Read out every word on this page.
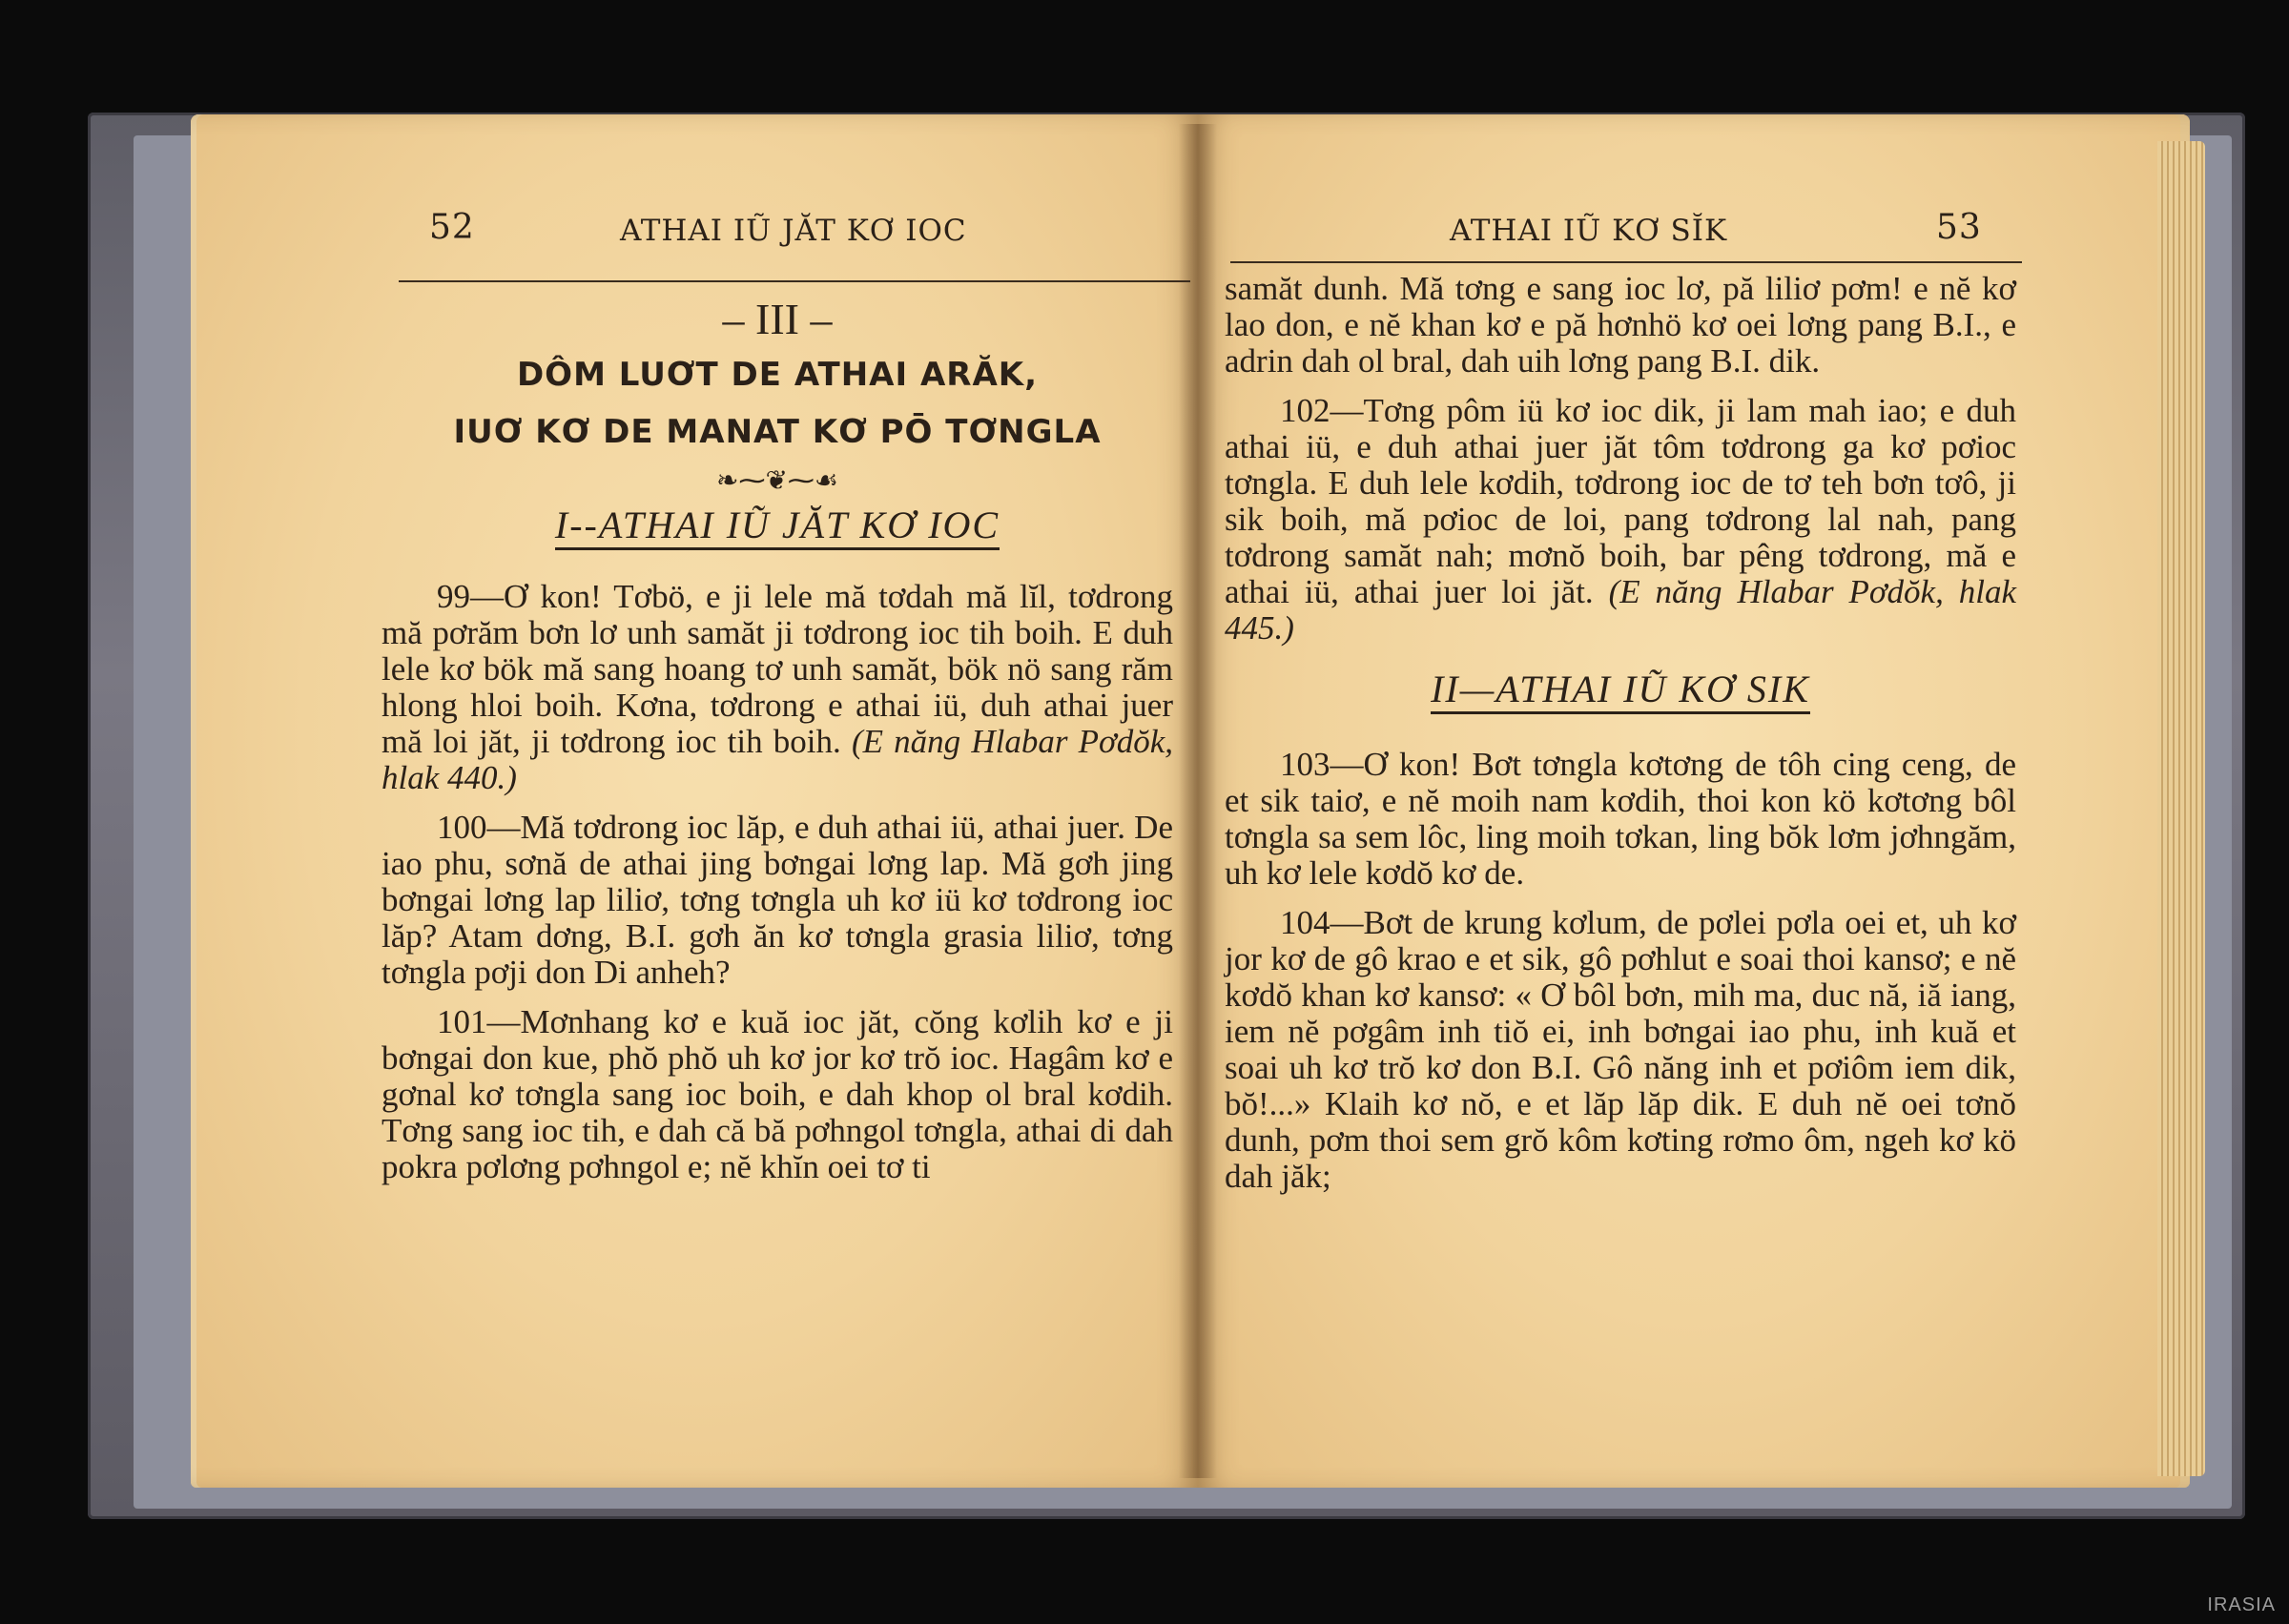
52	ATHAI IŨ JĂT KƠ IOC
– III –
DÔM LUƠT DE ATHAI ARĂK,
IUƠ KƠ DE MANAT KƠ PŌ TƠNGLA
❧⁓❦⁓☙
I--ATHAI IŨ JĂT KƠ IOC

99—Ơ kon! Tơbö, e ji lele mă tơdah mă lĭl, tơdrong mă pơrăm bơn lơ unh samăt ji tơdrong ioc tih boih. E duh lele kơ bök mă sang hoang tơ unh samăt, bök nö sang răm hlong hloi boih. Kơna, tơdrong e athai iü, duh athai juer mă loi jăt, ji tơdrong ioc tih boih. (E năng Hlabar Pơdŏk, hlak 440.)

100—Mă tơdrong ioc lăp, e duh athai iü, athai juer. De iao phu, sơnă de athai jing bơngai lơng lap. Mă gơh jing bơngai lơng lap liliơ, tơng tơngla uh kơ iü kơ tơdrong ioc lăp? Atam dơng, B.I. gơh ăn kơ tơngla grasia liliơ, tơng tơngla pơji don Di anheh?

101—Mơnhang kơ e kuă ioc jăt, cŏng kơlih kơ e ji bơngai don kue, phŏ phŏ uh kơ jor kơ trŏ ioc. Hagâm kơ e gơnal kơ tơngla sang ioc boih, e dah khop ol bral kơdih. Tơng sang ioc tih, e dah că bă pơhngol tơngla, athai di dah pokra pơlơng pơhngol e; nĕ khĭn oei tơ ti

ATHAI IŨ KƠ SĬK	53

samăt dunh. Mă tơng e sang ioc lơ, pă liliơ pơm! e nĕ kơ lao don, e nĕ khan kơ e pă hơnhö kơ oei lơng pang B.I., e adrin dah ol bral, dah uih lơng pang B.I. dik.

102—Tơng pôm iü kơ ioc dik, ji lam mah iao; e duh athai iü, e duh athai juer jăt tôm tơdrong ga kơ pơioc tơngla. E duh lele kơdih, tơdrong ioc de tơ teh bơn tơô, ji sik boih, mă pơioc de loi, pang tơdrong lal nah, pang tơdrong samăt nah; mơnŏ boih, bar pêng tơdrong, mă e athai iü, athai juer loi jăt. (E năng Hlabar Pơdŏk, hlak 445.)

II—ATHAI IŨ KƠ SIK

103—Ơ kon! Bơt tơngla kơtơng de tôh cing ceng, de et sik taiơ, e nĕ moih nam kơdih, thoi kon kö kơtơng bôl tơngla sa sem lôc, ling moih tơkan, ling bŏk lơm jơhngăm, uh kơ lele kơdŏ kơ de.

104—Bơt de krung kơlum, de pơlei pơla oei et, uh kơ jor kơ de gô krao e et sik, gô pơhlut e soai thoi kansơ; e nĕ kơdŏ khan kơ kansơ: « Ơ bôl bơn, mih ma, duc nă, iă iang, iem nĕ pơgâm inh tiŏ ei, inh bơngai iao phu, inh kuă et soai uh kơ trŏ kơ don B.I. Gô năng inh et pơiôm iem dik, bŏ!...» Klaih kơ nŏ, e et lăp lăp dik. E duh nĕ oei tơnŏ dunh, pơm thoi sem grŏ kôm kơting rơmo ôm, ngeh kơ kö dah jăk;

IRASIA
